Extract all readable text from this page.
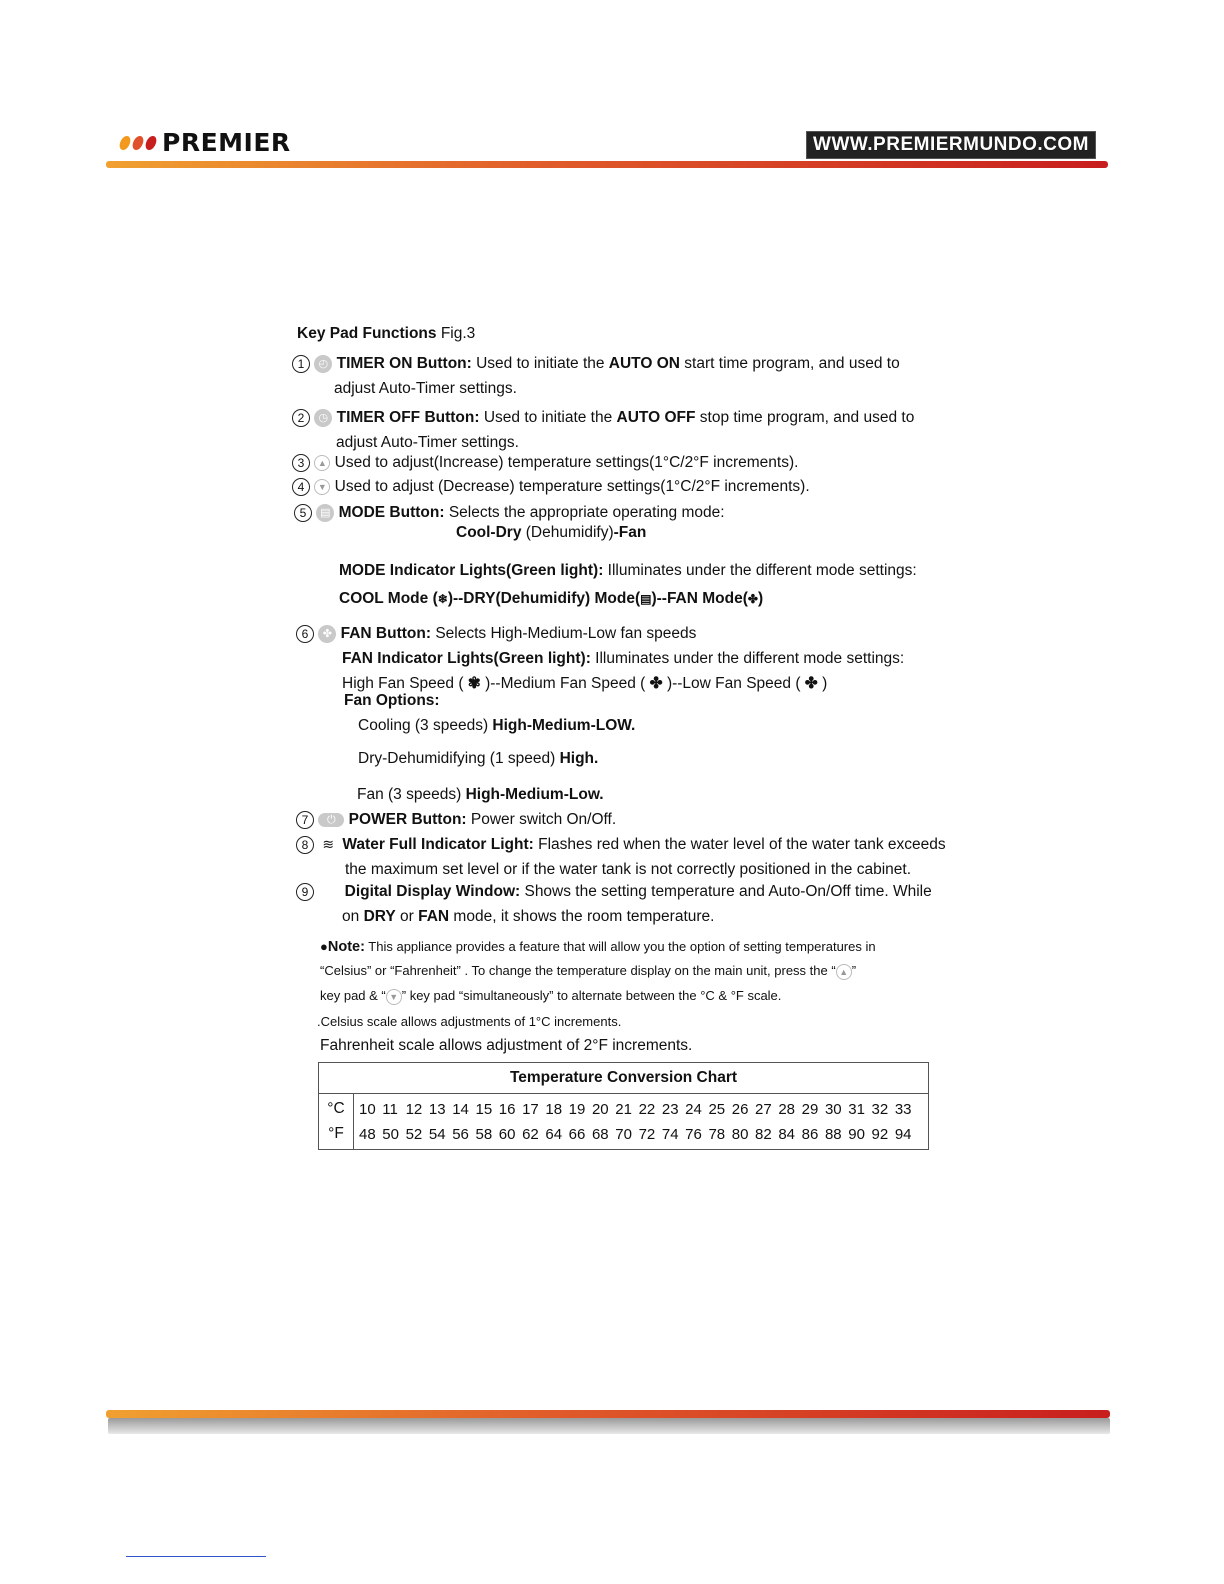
PREMIER	WWW.PREMIERMUNDO.COM
Key Pad Functions Fig.3
1 ◴ TIMER ON Button: Used to initiate the AUTO ON start time program, and used to
adjust Auto-Timer settings.
2 ◷ TIMER OFF Button: Used to initiate the AUTO OFF stop time program, and used to
adjust Auto-Timer settings.
3 ▲ Used to adjust(Increase) temperature settings(1°C/2°F increments).
4 ▼ Used to adjust (Decrease) temperature settings(1°C/2°F increments).
5 ▤ MODE Button: Selects the appropriate operating mode:
Cool-Dry (Dehumidify)-Fan
MODE Indicator Lights(Green light): Illuminates under the different mode settings:
COOL Mode (❄)--DRY(Dehumidify) Mode(▤)--FAN Mode(✤)
6 ✤ FAN Button: Selects High-Medium-Low fan speeds
FAN Indicator Lights(Green light): Illuminates under the different mode settings:
High Fan Speed ( ✾ )--Medium Fan Speed ( ✤ )--Low Fan Speed ( ✤ )
Fan Options:
Cooling (3 speeds) High-Medium-LOW.
Dry-Dehumidifying (1 speed) High.
Fan (3 speeds) High-Medium-Low.
7 ⏻ POWER Button: Power switch On/Off.
8 ≋ Water Full Indicator Light: Flashes red when the water level of the water tank exceeds
the maximum set level or if the water tank is not correctly positioned in the cabinet.
9 Digital Display Window: Shows the setting temperature and Auto-On/Off time. While
on DRY or FAN mode, it shows the room temperature.
●Note: This appliance provides a feature that will allow you the option of setting temperatures in
“Celsius” or “Fahrenheit” . To change the temperature display on the main unit, press the “ ▲ ”
key pad & “ ▼ ” key pad “simultaneously” to alternate between the °C & °F scale.
.Celsius scale allows adjustments of 1°C increments.
Fahrenheit scale allows adjustment of 2°F increments.
Temperature Conversion Chart
°C
°F
10 11 12 13 14 15 16 17 18 19 20 21 22 23 24 25 26 27 28 29 30 31 32 33
48 50 52 54 56 58 60 62 64 66 68 70 72 74 76 78 80 82 84 86 88 90 92 94
